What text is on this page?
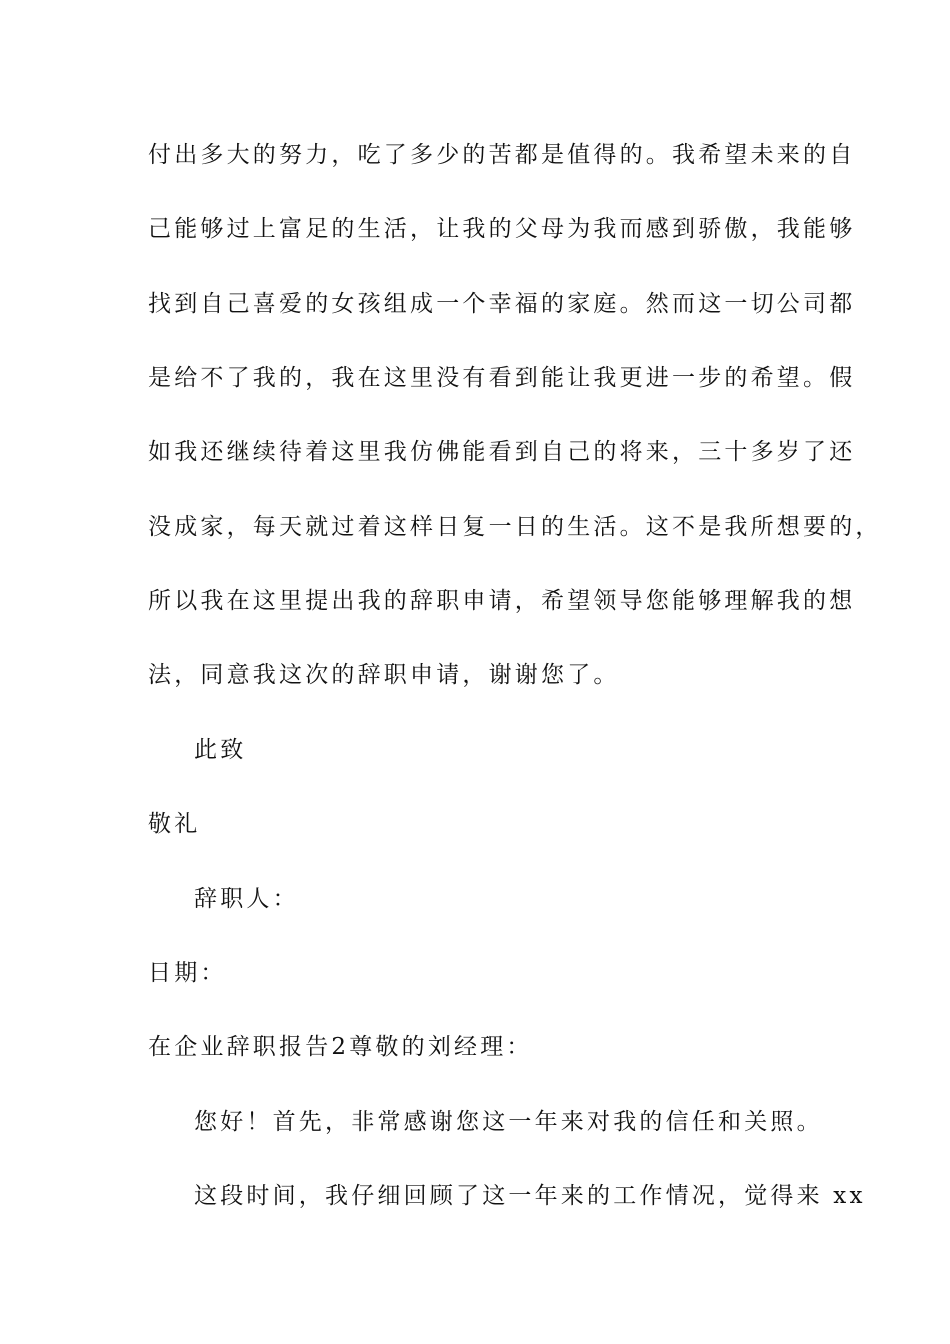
付出多大的努力，吃了多少的苦都是值得的。我希望未来的自
己能够过上富足的生活，让我的父母为我而感到骄傲，我能够
找到自己喜爱的女孩组成一个幸福的家庭。然而这一切公司都
是给不了我的，我在这里没有看到能让我更进一步的希望。假
如我还继续待着这里我仿佛能看到自己的将来，三十多岁了还
没成家，每天就过着这样日复一日的生活。这不是我所想要的，
所以我在这里提出我的辞职申请，希望领导您能够理解我的想
法，同意我这次的辞职申请，谢谢您了。
此致
敬礼
辞职人：
日期：
在企业辞职报告2尊敬的刘经理：
您好！首先，非常感谢您这一年来对我的信任和关照。
这段时间，我仔细回顾了这一年来的工作情况，觉得来 xx
